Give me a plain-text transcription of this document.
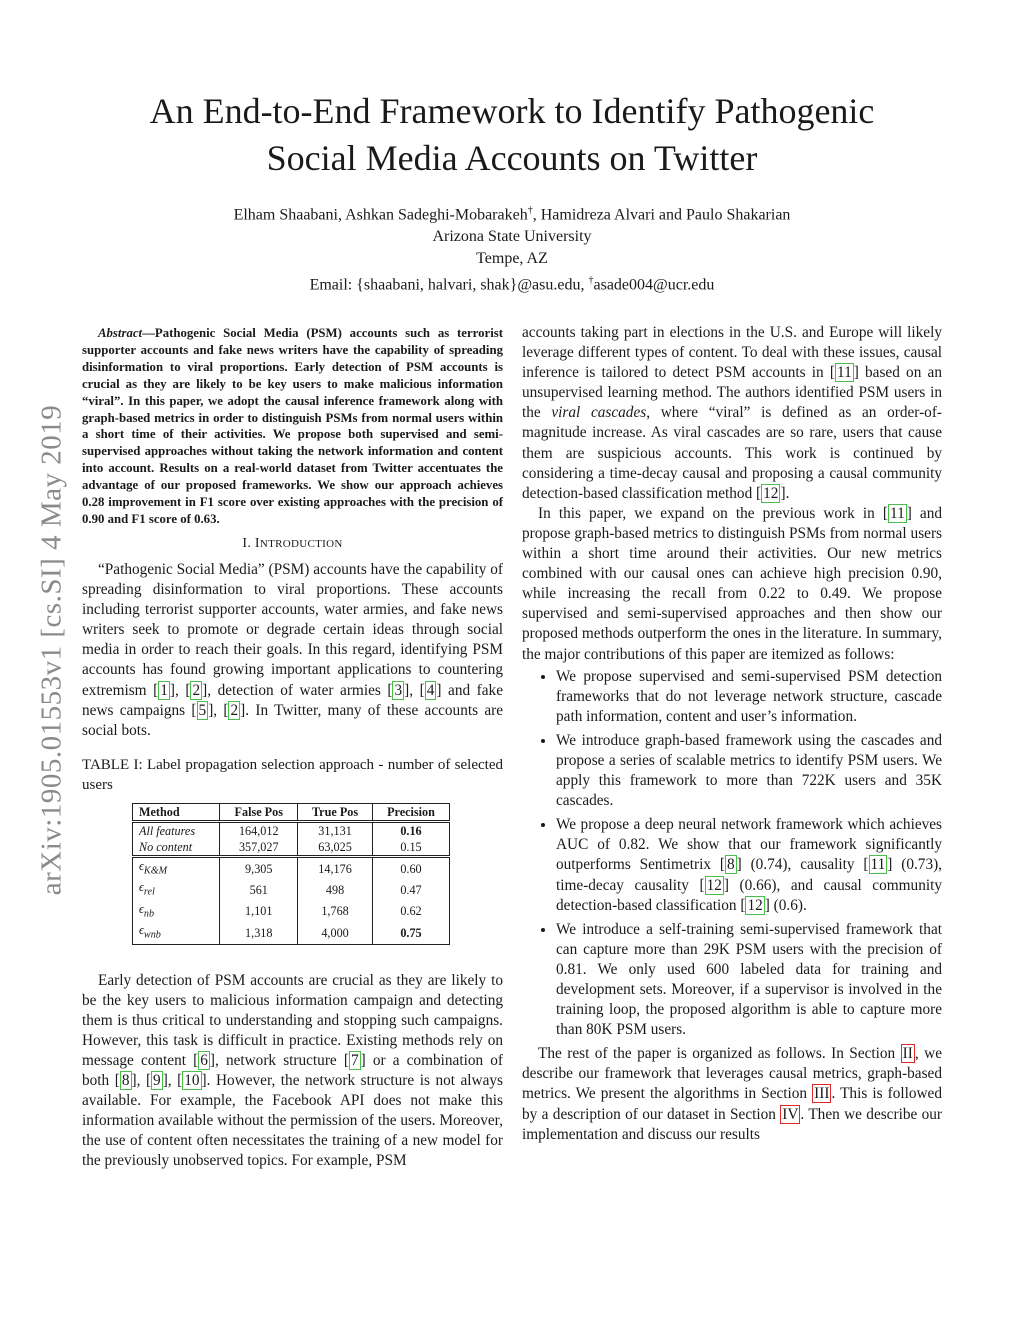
An End-to-End Framework to Identify Pathogenic
Social Media Accounts on Twitter
Elham Shaabani, Ashkan Sadeghi-Mobarakeh†, Hamidreza Alvari and Paulo Shakarian
Arizona State University
Tempe, AZ
Email: {shaabani, halvari, shak}@asu.edu, †asade004@ucr.edu
arXiv:1905.01553v1 [cs.SI] 4 May 2019

Abstract—Pathogenic Social Media (PSM) accounts such as terrorist supporter accounts and fake news writers have the capability of spreading disinformation to viral proportions. Early detection of PSM accounts is crucial as they are likely to be key users to make malicious information “viral”. In this paper, we adopt the causal inference framework along with graph-based metrics in order to distinguish PSMs from normal users within a short time of their activities. We propose both supervised and semi-supervised approaches without taking the network information and content into account. Results on a real-world dataset from Twitter accentuates the advantage of our proposed frameworks. We show our approach achieves 0.28 improvement in F1 score over existing approaches with the precision of 0.90 and F1 score of 0.63.

I. INTRODUCTION

“Pathogenic Social Media” (PSM) accounts have the capability of spreading disinformation to viral proportions. These accounts including terrorist supporter accounts, water armies, and fake news writers seek to promote or degrade certain ideas through social media in order to reach their goals. In this regard, identifying PSM accounts has found growing important applications to countering extremism [ 1 ], [ 2 ], detection of water armies [ 3 ], [ 4 ] and fake news campaigns [ 5 ], [ 2 ]. In Twitter, many of these accounts are social bots.

TABLE I: Label propagation selection approach - number of selected users
Method	False Pos	True Pos	Precision
All features	164,012	31,131	0.16
No content	357,027	63,025	0.15
$\epsilon_{K\&M}$	9,305	14,176	0.60
$\epsilon_{rel}$	561	498	0.47
$\epsilon_{nb}$	1,101	1,768	0.62
$\epsilon_{wnb}$	1,318	4,000	0.75

Early detection of PSM accounts are crucial as they are likely to be the key users to malicious information campaign and detecting them is thus critical to understanding and stopping such campaigns. However, this task is difficult in practice. Existing methods rely on message content [ 6 ], network structure [ 7 ] or a combination of both [ 8 ], [ 9 ], [ 10 ]. However, the network structure is not always available. For example, the Facebook API does not make this information available without the permission of the users. Moreover, the use of content often necessitates the training of a new model for the previously unobserved topics. For example, PSM

accounts taking part in elections in the U.S. and Europe will likely leverage different types of content. To deal with these issues, causal inference is tailored to detect PSM accounts in [ 11 ] based on an unsupervised learning method. The authors identified PSM users in the viral cascades, where “viral” is defined as an order-of-magnitude increase. As viral cascades are so rare, users that cause them are suspicious accounts. This work is continued by considering a time-decay causal and proposing a causal community detection-based classification method [ 12 ].

In this paper, we expand on the previous work in [ 11 ] and propose graph-based metrics to distinguish PSMs from normal users within a short time around their activities. Our new metrics combined with our causal ones can achieve high precision 0.90, while increasing the recall from 0.22 to 0.49. We propose supervised and semi-supervised approaches and then show our proposed methods outperform the ones in the literature. In summary, the major contributions of this paper are itemized as follows:

• We propose supervised and semi-supervised PSM detection frameworks that do not leverage network structure, cascade path information, content and user’s information.
• We introduce graph-based framework using the cascades and propose a series of scalable metrics to identify PSM users. We apply this framework to more than 722K users and 35K cascades.
• We propose a deep neural network framework which achieves AUC of 0.82. We show that our framework significantly outperforms Sentimetrix [ 8 ] (0.74), causality [ 11 ] (0.73), time-decay causality [ 12 ] (0.66), and causal community detection-based classification [ 12 ] (0.6).
• We introduce a self-training semi-supervised framework that can capture more than 29K PSM users with the precision of 0.81. We only used 600 labeled data for training and development sets. Moreover, if a supervisor is involved in the training loop, the proposed algorithm is able to capture more than 80K PSM users.

The rest of the paper is organized as follows. In Section II , we describe our framework that leverages causal metrics, graph-based metrics. We present the algorithms in Section III . This is followed by a description of our dataset in Section IV . Then we describe our implementation and discuss our results
